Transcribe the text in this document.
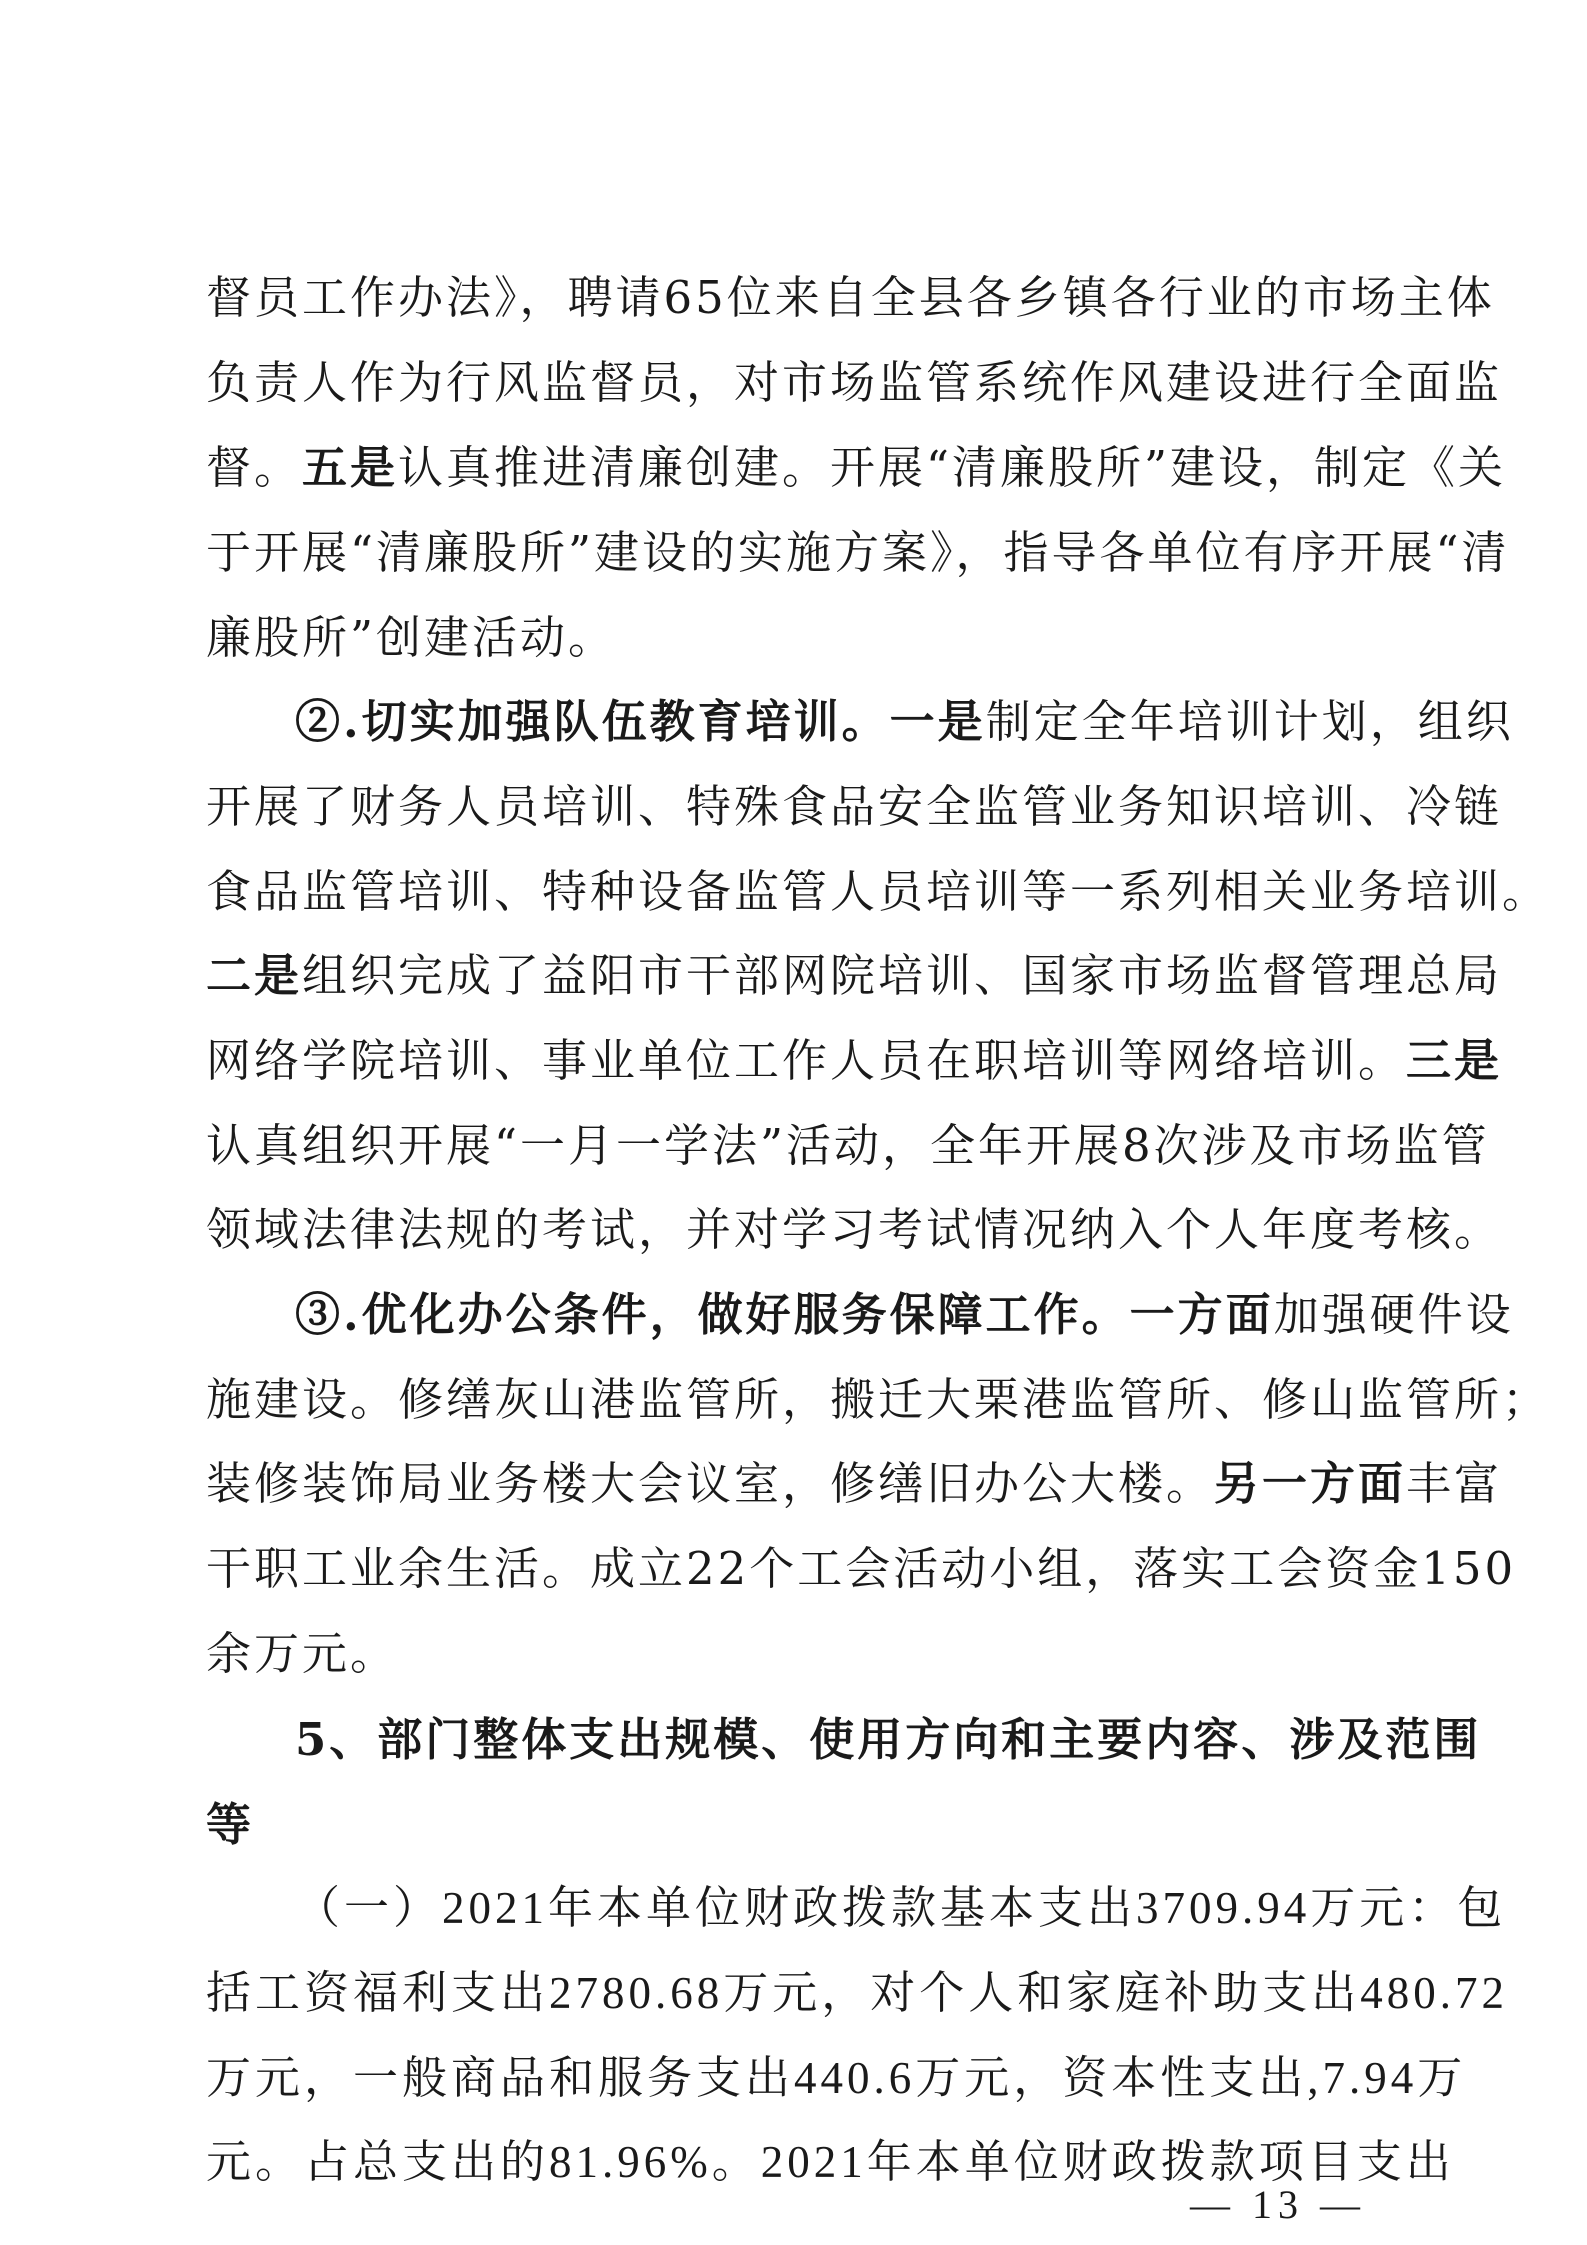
督员工作办法》，聘请65位来自全县各乡镇各行业的市场主体
负责人作为行风监督员，对市场监管系统作风建设进行全面监
督。五是认真推进清廉创建。开展“清廉股所”建设，制定《关
于开展“清廉股所”建设的实施方案》，指导各单位有序开展“清
廉股所”创建活动。
②.切实加强队伍教育培训。一是制定全年培训计划，组织
开展了财务人员培训、特殊食品安全监管业务知识培训、冷链
食品监管培训、特种设备监管人员培训等一系列相关业务培训。
二是组织完成了益阳市干部网院培训、国家市场监督管理总局
网络学院培训、事业单位工作人员在职培训等网络培训。三是
认真组织开展“一月一学法”活动，全年开展8次涉及市场监管
领域法律法规的考试，并对学习考试情况纳入个人年度考核。
③.优化办公条件，做好服务保障工作。一方面加强硬件设
施建设。修缮灰山港监管所，搬迁大栗港监管所、修山监管所；
装修装饰局业务楼大会议室，修缮旧办公大楼。另一方面丰富
干职工业余生活。成立22个工会活动小组，落实工会资金150
余万元。
5、部门整体支出规模、使用方向和主要内容、涉及范围
等
（一）2021年本单位财政拨款基本支出3709.94万元：包
括工资福利支出2780.68万元，对个人和家庭补助支出480.72
万元，一般商品和服务支出440.6万元，资本性支出,7.94万
元。占总支出的81.96%。2021年本单位财政拨款项目支出
— 13 —
